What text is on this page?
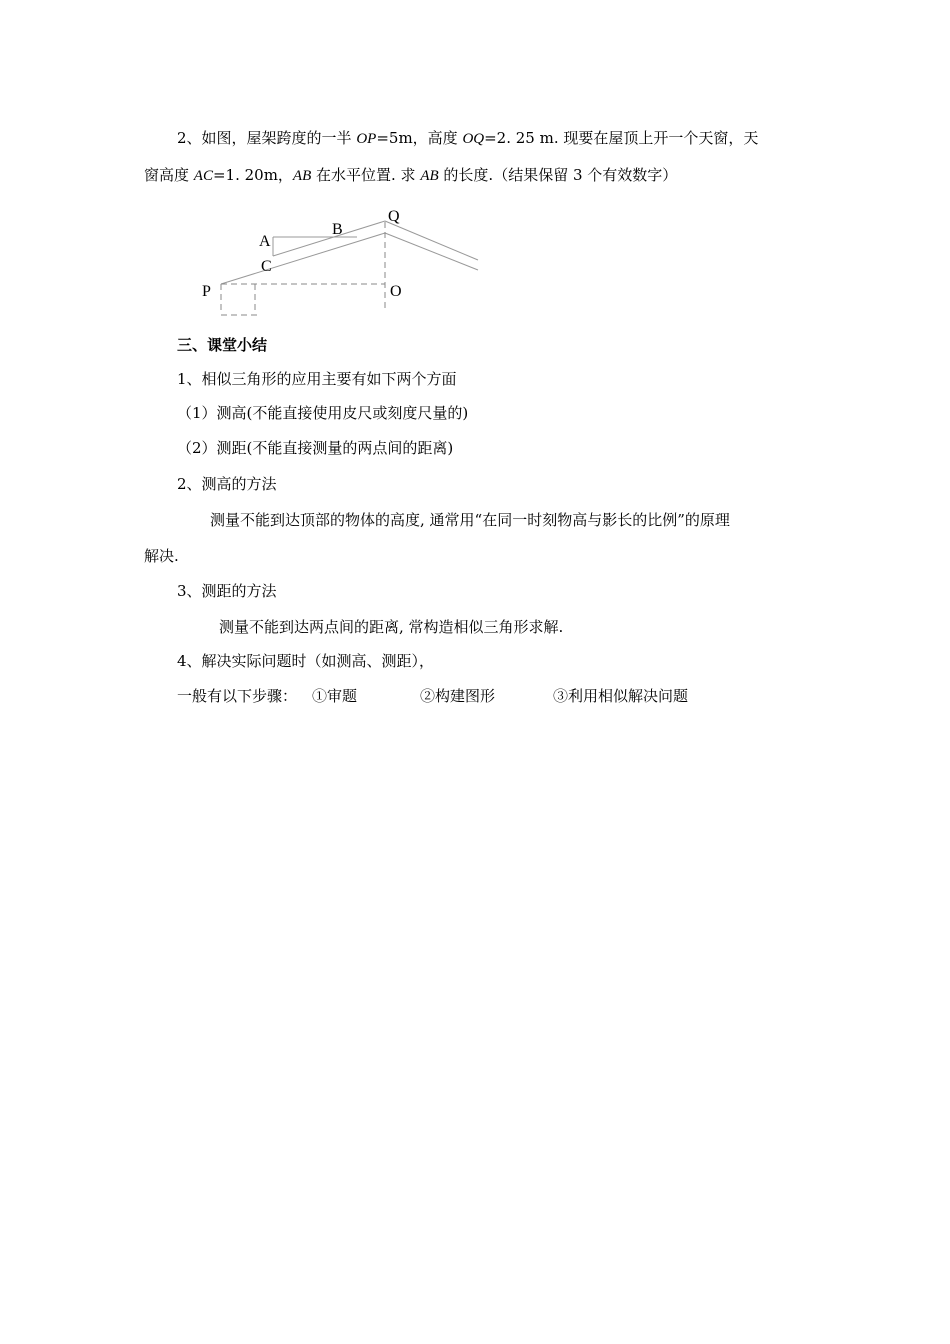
2、如图，屋架跨度的一半 OP=5m，高度 OQ=2. 25 m. 现要在屋顶上开一个天窗，天
窗高度 AC=1. 20m，AB 在水平位置. 求 AB 的长度.（结果保留 3 个有效数字）
Q
B
A
C
P	O
三、课堂小结
1、相似三角形的应用主要有如下两个方面
（1）测高(不能直接使用皮尺或刻度尺量的)
（2）测距(不能直接测量的两点间的距离)
2、测高的方法
测量不能到达顶部的物体的高度, 通常用“在同一时刻物高与影长的比例”的原理
解决.
3、测距的方法
测量不能到达两点间的距离, 常构造相似三角形求解.
4、解决实际问题时（如测高、测距），
一般有以下步骤： ①审题	②构建图形	③利用相似解决问题
